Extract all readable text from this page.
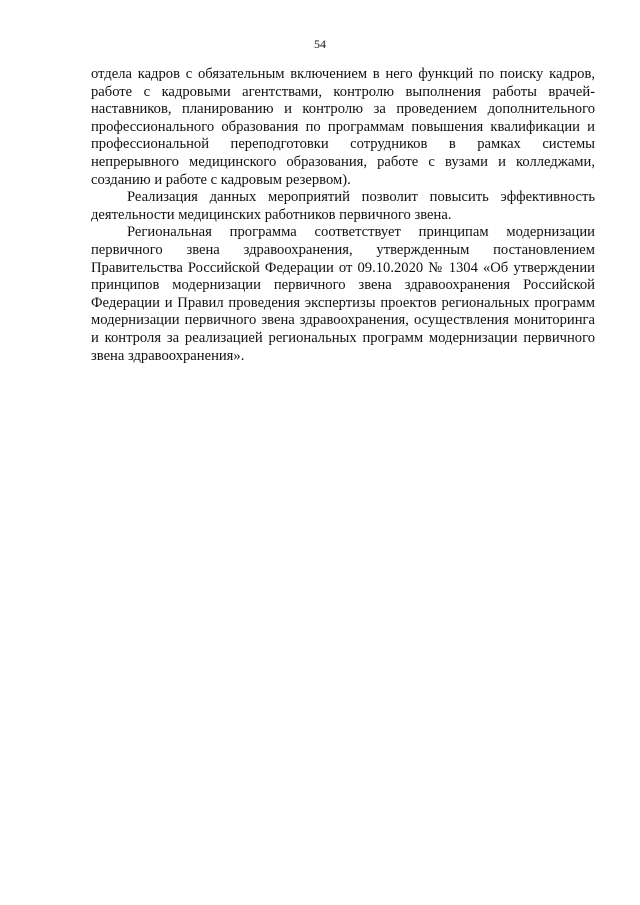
54

отдела кадров с обязательным включением в него функций по поиску кадров, работе с кадровыми агентствами, контролю выполнения работы врачей-наставников, планированию и контролю за проведением дополнительного профессионального образования по программам повышения квалификации и профессиональной переподготовки сотрудников в рамках системы непрерывного медицинского образования, работе с вузами и колледжами, созданию и работе с кадровым резервом).

Реализация данных мероприятий позволит повысить эффективность деятельности медицинских работников первичного звена.

Региональная программа соответствует принципам модернизации первичного звена здравоохранения, утвержденным постановлением Правительства Российской Федерации от 09.10.2020 № 1304 «Об утверждении принципов модернизации первичного звена здравоохранения Российской Федерации и Правил проведения экспертизы проектов региональных программ модернизации первичного звена здравоохранения, осуществления мониторинга и контроля за реализацией региональных программ модернизации первичного звена здравоохранения».
